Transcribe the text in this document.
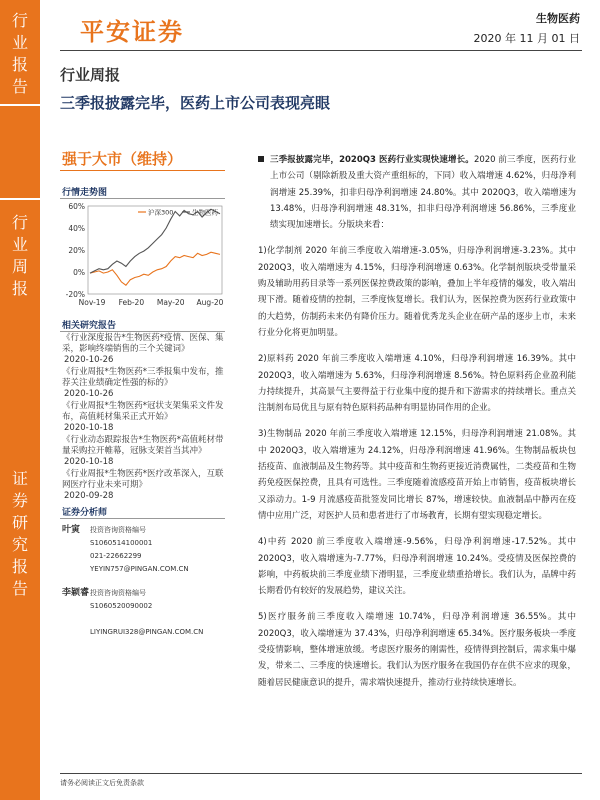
行
业
报
告
行
业
周
报
证
券
研
究
报
告
平安证券	生物医药
2020 年 11 月 01 日
行业周报
三季报披露完毕，医药上市公司表现亮眼
强于大市（维持）
行情走势图
60%
40%
20%
0%
-20%
Nov-19 Feb-20 May-20 Aug-20
沪深300	生物医药
相关研究报告
《行业深度报告*生物医药*疫情、医保、集采，影响终端销售的三个关键词》
2020-10-26
《行业周报*生物医药*三季报集中发布，推荐关注业绩确定性强的标的》
2020-10-26
《行业周报*生物医药*冠状支架集采文件发布，高值耗材集采正式开始》
2020-10-18
《行业动态跟踪报告*生物医药*高值耗材带量采购拉开帷幕，冠脉支架首当其冲》
2020-10-18
《行业周报*生物医药*医疗改革深入，互联网医疗行业未来可期》
2020-09-28
证券分析师
叶寅 投资咨询资格编号
S1060514100001
021-22662299
YEYIN757@PINGAN.COM.CN
李颖睿 投资咨询资格编号
S1060520090002
LIYINGRUI328@PINGAN.COM.CN

三季报披露完毕，2020Q3 医药行业实现快速增长。2020 前三季度，医药行业上市公司（剔除新股及重大资产重组标的，下同）收入端增速 4.62%，归母净利润增速 25.39%，扣非归母净利润增速 24.80%。其中 2020Q3，收入端增速为 13.48%，归母净利润增速 48.31%，扣非归母净利润增速 56.86%，三季度业绩实现加速增长。分版块来看：

1)化学制剂 2020 年前三季度收入端增速-3.05%，归母净利润增速-3.23%。其中 2020Q3，收入端增速为 4.15%，归母净利润增速 0.63%。化学制剂版块受带量采购及辅助用药目录等一系列医保控费政策的影响，叠加上半年疫情的爆发，收入端出现下滑。随着疫情的控制，三季度恢复增长。我们认为，医保控费为医药行业政策中的大趋势，仿制药未来仍有降价压力。随着优秀龙头企业在研产品的逐步上市，未来行业分化将更加明显。

2)原料药 2020 年前三季度收入端增速 4.10%，归母净利润增速 16.39%。其中 2020Q3，收入端增速为 5.63%，归母净利润增速 8.56%。特色原料药企业盈利能力持续提升，其高景气主要得益于行业集中度的提升和下游需求的持续增长。重点关注制剂布局优且与原有特色原料药品种有明显协同作用的企业。

3)生物制品 2020 年前三季度收入端增速 12.15%，归母净利润增速 21.08%。其中 2020Q3，收入端增速为 24.12%，归母净利润增速 41.96%。生物制品板块包括疫苗、血液制品及生物药等。其中疫苗和生物药更接近消费属性，二类疫苗和生物药免疫医保控费，且具有可选性。三季度随着流感疫苗开始上市销售，疫苗板块增长又添动力。1-9 月流感疫苗批签发同比增长 87%，增速较快。血液制品中静丙在疫情中应用广泛，对医护人员和患者进行了市场教育，长期有望实现稳定增长。

4)中药 2020 前三季度收入端增速-9.56%，归母净利润增速-17.52%。其中 2020Q3，收入端增速为-7.77%，归母净利润增速 10.24%。受疫情及医保控费的影响，中药板块前三季度业绩下滑明显，三季度业绩重拾增长。我们认为，品牌中药长期看仍有较好的发展趋势，建议关注。

5)医疗服务前三季度收入端增速 10.74%，归母净利润增速 36.55%。其中 2020Q3，收入端增速为 37.43%，归母净利润增速 65.34%。医疗服务板块一季度受疫情影响，整体增速放缓。考虑医疗服务的刚需性，疫情得到控制后，需求集中爆发，带来二、三季度的快速增长。我们认为医疗服务在我国仍存在供不应求的现象，随着居民健康意识的提升，需求端快速提升，推动行业持续快速增长。

请务必阅读正文后免责条款
